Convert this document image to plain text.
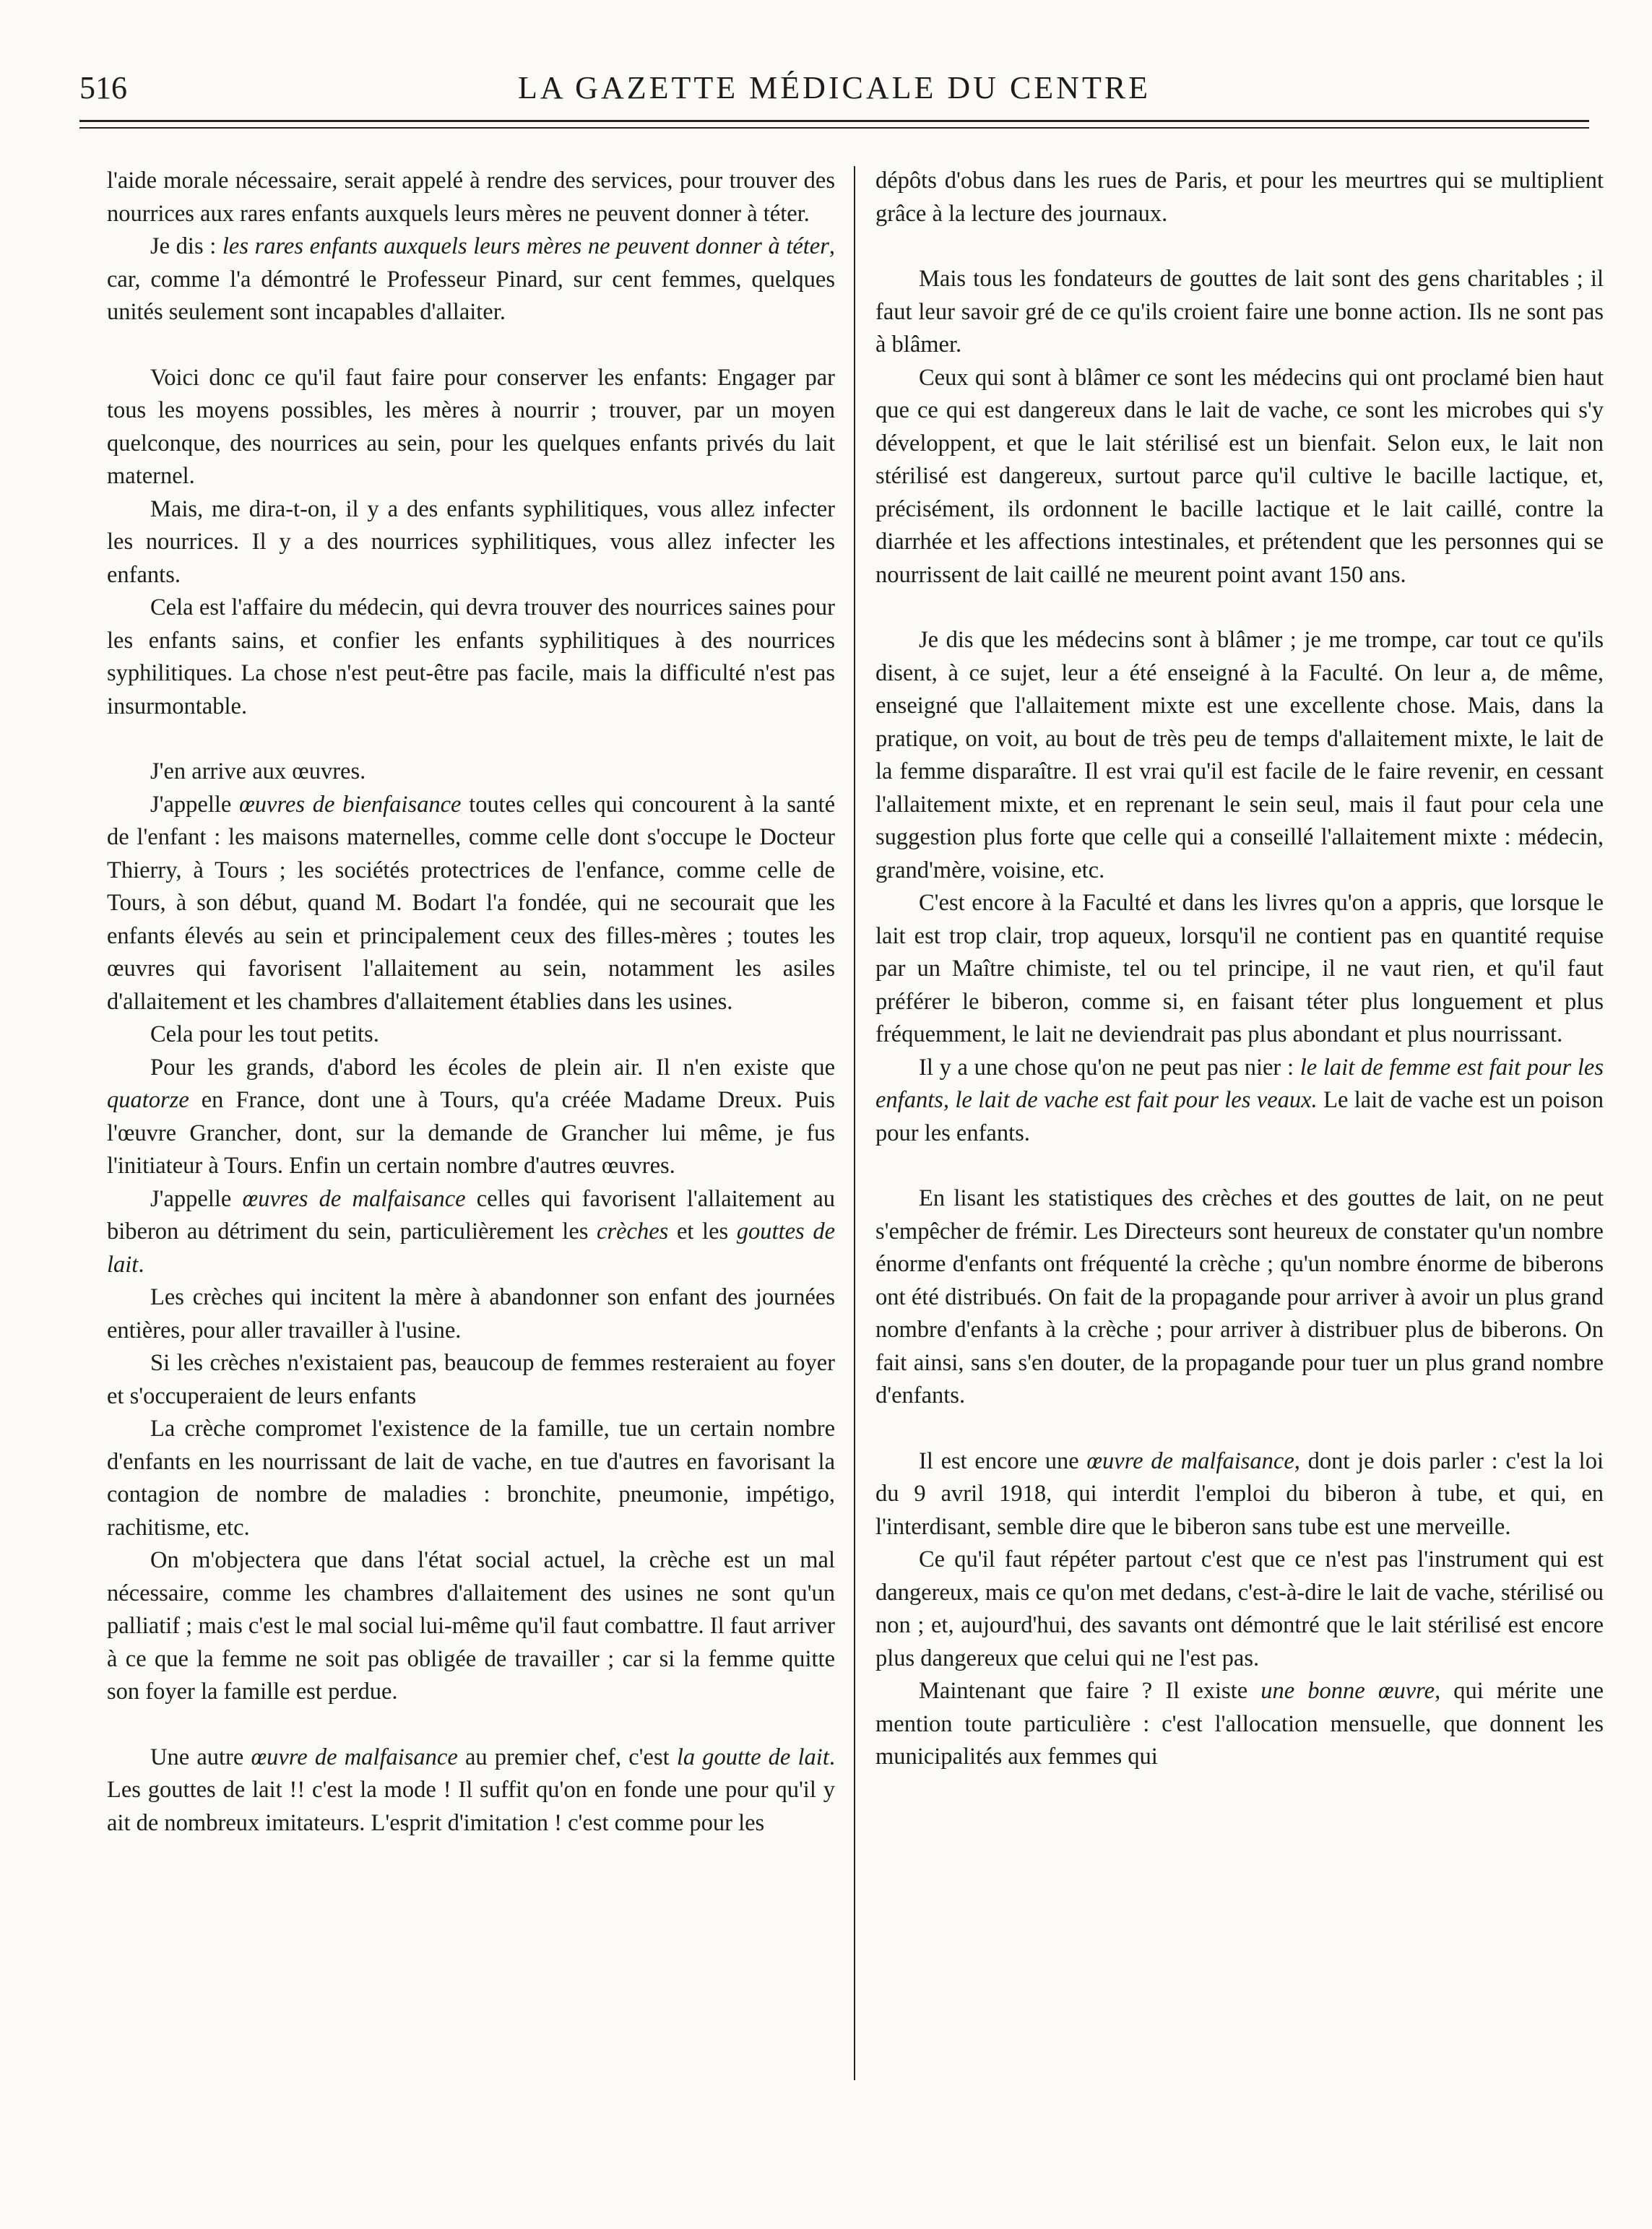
516	LA GAZETTE MÉDICALE DU CENTRE

l'aide morale nécessaire, serait appelé à rendre des services, pour trouver des nourrices aux rares enfants auxquels leurs mères ne peuvent donner à téter.

Je dis : les rares enfants auxquels leurs mères ne peuvent donner à téter, car, comme l'a démontré le Professeur Pinard, sur cent femmes, quelques unités seulement sont incapables d'allaiter.

Voici donc ce qu'il faut faire pour conserver les enfants: Engager par tous les moyens possibles, les mères à nourrir ; trouver, par un moyen quelconque, des nourrices au sein, pour les quelques enfants privés du lait maternel.

Mais, me dira-t-on, il y a des enfants syphilitiques, vous allez infecter les nourrices. Il y a des nourrices syphilitiques, vous allez infecter les enfants.

Cela est l'affaire du médecin, qui devra trouver des nourrices saines pour les enfants sains, et confier les enfants syphilitiques à des nourrices syphilitiques. La chose n'est peut-être pas facile, mais la difficulté n'est pas insurmontable.

J'en arrive aux œuvres.

J'appelle œuvres de bienfaisance toutes celles qui concourent à la santé de l'enfant : les maisons maternelles, comme celle dont s'occupe le Docteur Thierry, à Tours ; les sociétés protectrices de l'enfance, comme celle de Tours, à son début, quand M. Bodart l'a fondée, qui ne secourait que les enfants élevés au sein et principalement ceux des filles-mères ; toutes les œuvres qui favorisent l'allaitement au sein, notamment les asiles d'allaitement et les chambres d'allaitement établies dans les usines.

Cela pour les tout petits.

Pour les grands, d'abord les écoles de plein air. Il n'en existe que quatorze en France, dont une à Tours, qu'a créée Madame Dreux. Puis l'œuvre Grancher, dont, sur la demande de Grancher lui même, je fus l'initiateur à Tours. Enfin un certain nombre d'autres œuvres.

J'appelle œuvres de malfaisance celles qui favorisent l'allaitement au biberon au détriment du sein, particulièrement les crèches et les gouttes de lait.

Les crèches qui incitent la mère à abandonner son enfant des journées entières, pour aller travailler à l'usine.

Si les crèches n'existaient pas, beaucoup de femmes resteraient au foyer et s'occuperaient de leurs enfants

La crèche compromet l'existence de la famille, tue un certain nombre d'enfants en les nourrissant de lait de vache, en tue d'autres en favorisant la contagion de nombre de maladies : bronchite, pneumonie, impétigo, rachitisme, etc.

On m'objectera que dans l'état social actuel, la crèche est un mal nécessaire, comme les chambres d'allaitement des usines ne sont qu'un palliatif ; mais c'est le mal social lui-même qu'il faut combattre. Il faut arriver à ce que la femme ne soit pas obligée de travailler ; car si la femme quitte son foyer la famille est perdue.

Une autre œuvre de malfaisance au premier chef, c'est la goutte de lait. Les gouttes de lait !! c'est la mode ! Il suffit qu'on en fonde une pour qu'il y ait de nombreux imitateurs. L'esprit d'imitation ! c'est comme pour les

dépôts d'obus dans les rues de Paris, et pour les meurtres qui se multiplient grâce à la lecture des journaux.

Mais tous les fondateurs de gouttes de lait sont des gens charitables ; il faut leur savoir gré de ce qu'ils croient faire une bonne action. Ils ne sont pas à blâmer.

Ceux qui sont à blâmer ce sont les médecins qui ont proclamé bien haut que ce qui est dangereux dans le lait de vache, ce sont les microbes qui s'y développent, et que le lait stérilisé est un bienfait. Selon eux, le lait non stérilisé est dangereux, surtout parce qu'il cultive le bacille lactique, et, précisément, ils ordonnent le bacille lactique et le lait caillé, contre la diarrhée et les affections intestinales, et prétendent que les personnes qui se nourrissent de lait caillé ne meurent point avant 150 ans.

Je dis que les médecins sont à blâmer ; je me trompe, car tout ce qu'ils disent, à ce sujet, leur a été enseigné à la Faculté. On leur a, de même, enseigné que l'allaitement mixte est une excellente chose. Mais, dans la pratique, on voit, au bout de très peu de temps d'allaitement mixte, le lait de la femme disparaître. Il est vrai qu'il est facile de le faire revenir, en cessant l'allaitement mixte, et en reprenant le sein seul, mais il faut pour cela une suggestion plus forte que celle qui a conseillé l'allaitement mixte : médecin, grand'mère, voisine, etc.

C'est encore à la Faculté et dans les livres qu'on a appris, que lorsque le lait est trop clair, trop aqueux, lorsqu'il ne contient pas en quantité requise par un Maître chimiste, tel ou tel principe, il ne vaut rien, et qu'il faut préférer le biberon, comme si, en faisant téter plus longuement et plus fréquemment, le lait ne deviendrait pas plus abondant et plus nourrissant.

Il y a une chose qu'on ne peut pas nier : le lait de femme est fait pour les enfants, le lait de vache est fait pour les veaux. Le lait de vache est un poison pour les enfants.

En lisant les statistiques des crèches et des gouttes de lait, on ne peut s'empêcher de frémir. Les Directeurs sont heureux de constater qu'un nombre énorme d'enfants ont fréquenté la crèche ; qu'un nombre énorme de biberons ont été distribués. On fait de la propagande pour arriver à avoir un plus grand nombre d'enfants à la crèche ; pour arriver à distribuer plus de biberons. On fait ainsi, sans s'en douter, de la propagande pour tuer un plus grand nombre d'enfants.

Il est encore une œuvre de malfaisance, dont je dois parler : c'est la loi du 9 avril 1918, qui interdit l'emploi du biberon à tube, et qui, en l'interdisant, semble dire que le biberon sans tube est une merveille.

Ce qu'il faut répéter partout c'est que ce n'est pas l'instrument qui est dangereux, mais ce qu'on met dedans, c'est-à-dire le lait de vache, stérilisé ou non ; et, aujourd'hui, des savants ont démontré que le lait stérilisé est encore plus dangereux que celui qui ne l'est pas.

Maintenant que faire ? Il existe une bonne œuvre, qui mérite une mention toute particulière : c'est l'allocation mensuelle, que donnent les municipalités aux femmes qui
